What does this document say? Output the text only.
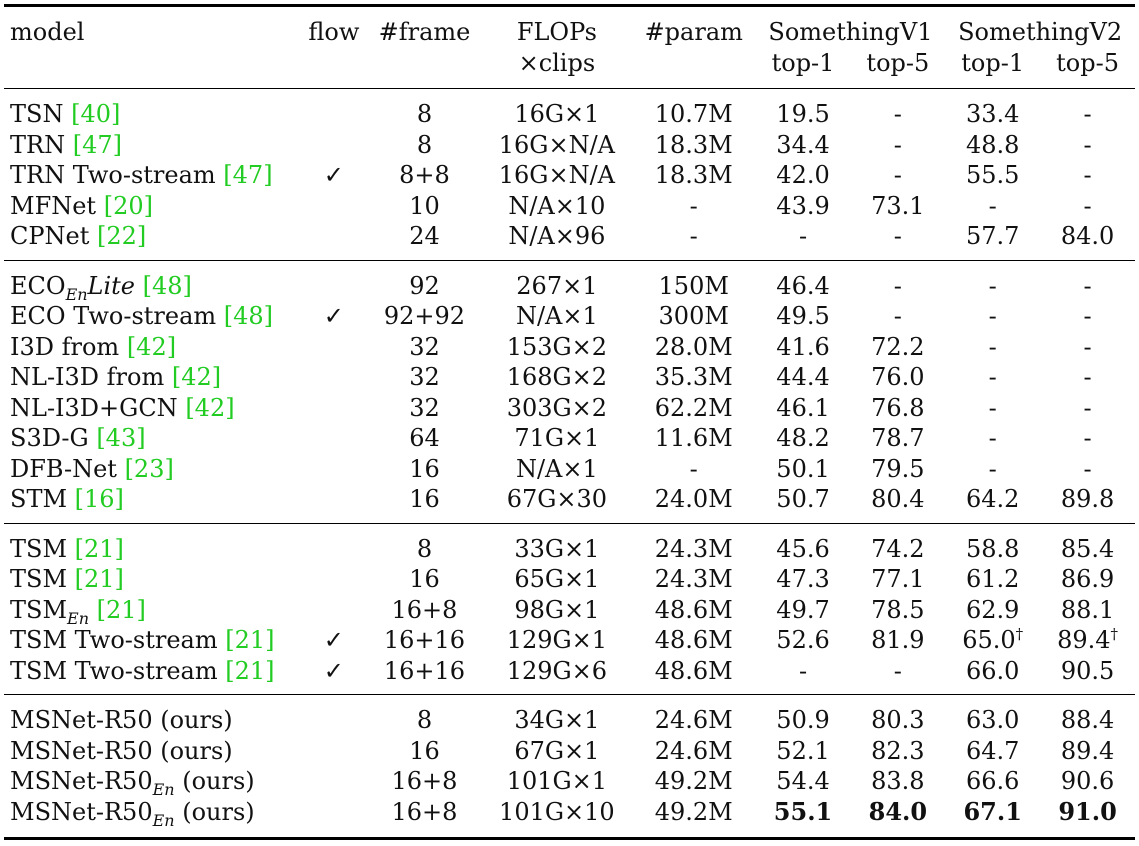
model	flow	#frame	FLOPs	#param	SomethingV1		SomethingV2	
			×clips		top-1	top-5	top-1	top-5
TSN [40]		8	16G×1	10.7M	19.5	-	33.4	-
TRN [47]		8	16G×N/A	18.3M	34.4	-	48.8	-
TRN Two-stream [47]	✓	8+8	16G×N/A	18.3M	42.0	-	55.5	-
MFNet [20]		10	N/A×10	-	43.9	73.1	-	-
CPNet [22]		24	N/A×96	-	-	-	57.7	84.0
$ECO_{En}Lite$ [48]		92	267×1	150M	46.4	-	-	-
ECO Two-stream [48]	✓	92+92	N/A×1	300M	49.5	-	-	-
I3D from [42]		32	153G×2	28.0M	41.6	72.2	-	-
NL-I3D from [42]		32	168G×2	35.3M	44.4	76.0	-	-
NL-I3D+GCN [42]		32	303G×2	62.2M	46.1	76.8	-	-
S3D-G [43]		64	71G×1	11.6M	48.2	78.7	-	-
DFB-Net [23]		16	N/A×1	-	50.1	79.5	-	-
STM [16]		16	67G×30	24.0M	50.7	80.4	64.2	89.8
TSM [21]		8	33G×1	24.3M	45.6	74.2	58.8	85.4
TSM [21]		16	65G×1	24.3M	47.3	77.1	61.2	86.9
$TSM_{En}$ [21]		16+8	98G×1	48.6M	49.7	78.5	62.9	88.1
TSM Two-stream [21]	✓	16+16	129G×1	48.6M	52.6	81.9	65.0†	89.4†
TSM Two-stream [21]	✓	16+16	129G×6	48.6M	-	-	66.0	90.5
MSNet-R50 (ours)		8	34G×1	24.6M	50.9	80.3	63.0	88.4
MSNet-R50 (ours)		16	67G×1	24.6M	52.1	82.3	64.7	89.4
MSNet-$R50_{En}$ (ours)		16+8	101G×1	49.2M	54.4	83.8	66.6	90.6
MSNet-$R50_{En}$ (ours)		16+8	101G×10	49.2M	55.1	84.0	67.1	91.0
